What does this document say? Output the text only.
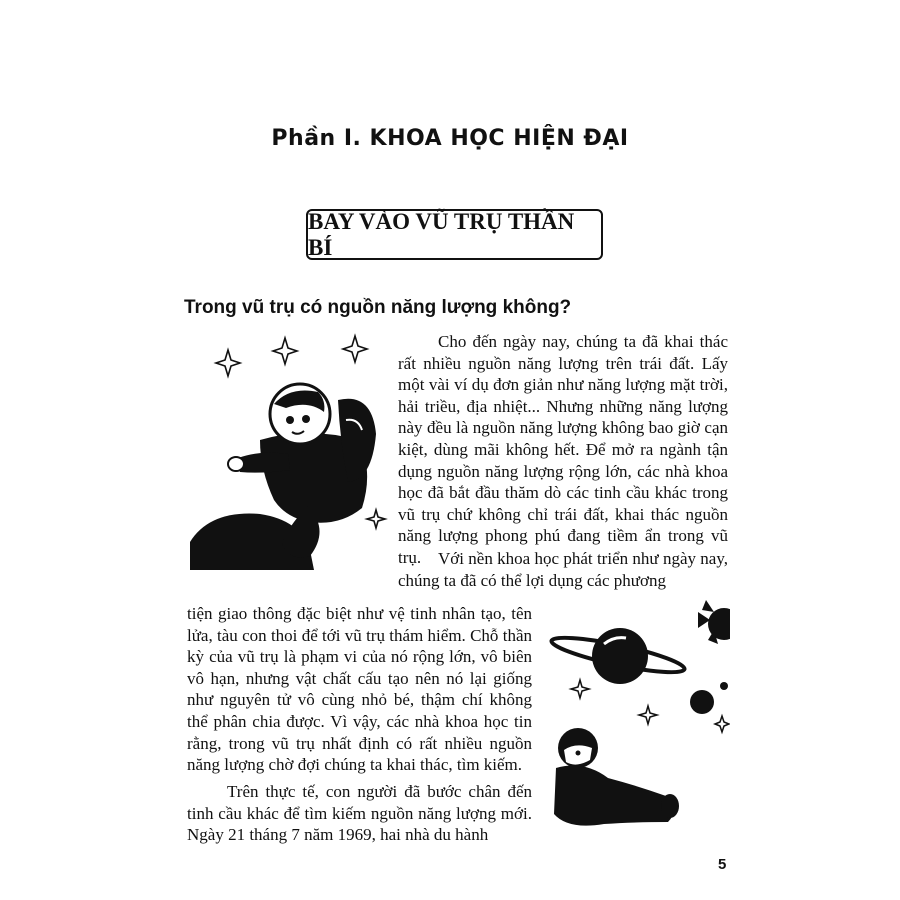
Phần I. KHOA HỌC HIỆN ĐẠI
BAY VÀO VŨ TRỤ THẦN BÍ
Trong vũ trụ có nguồn năng lượng không?

Cho đến ngày nay, chúng ta đã khai thác rất nhiều nguồn năng lượng trên trái đất. Lấy một vài ví dụ đơn giản như năng lượng mặt trời, hải triều, địa nhiệt... Nhưng những năng lượng này đều là nguồn năng lượng không bao giờ cạn kiệt, dùng mãi không hết. Để mở ra ngành tận dụng nguồn năng lượng rộng lớn, các nhà khoa học đã bắt đầu thăm dò các tinh cầu khác trong vũ trụ chứ không chỉ trái đất, khai thác nguồn năng lượng phong phú đang tiềm ẩn trong vũ trụ. Với nền khoa học phát triển như ngày nay, chúng ta đã có thể lợi dụng các phương

tiện giao thông đặc biệt như vệ tinh nhân tạo, tên lửa, tàu con thoi để tới vũ trụ thám hiểm. Chỗ thần kỳ của vũ trụ là phạm vi của nó rộng lớn, vô biên vô hạn, nhưng vật chất cấu tạo nên nó lại giống như nguyên tử vô cùng nhỏ bé, thậm chí không thể phân chia được. Vì vậy, các nhà khoa học tin rằng, trong vũ trụ nhất định có rất nhiều nguồn năng lượng chờ đợi chúng ta khai thác, tìm kiếm.

Trên thực tế, con người đã bước chân đến tinh cầu khác để tìm kiếm nguồn năng lượng mới. Ngày 21 tháng 7 năm 1969, hai nhà du hành

5
